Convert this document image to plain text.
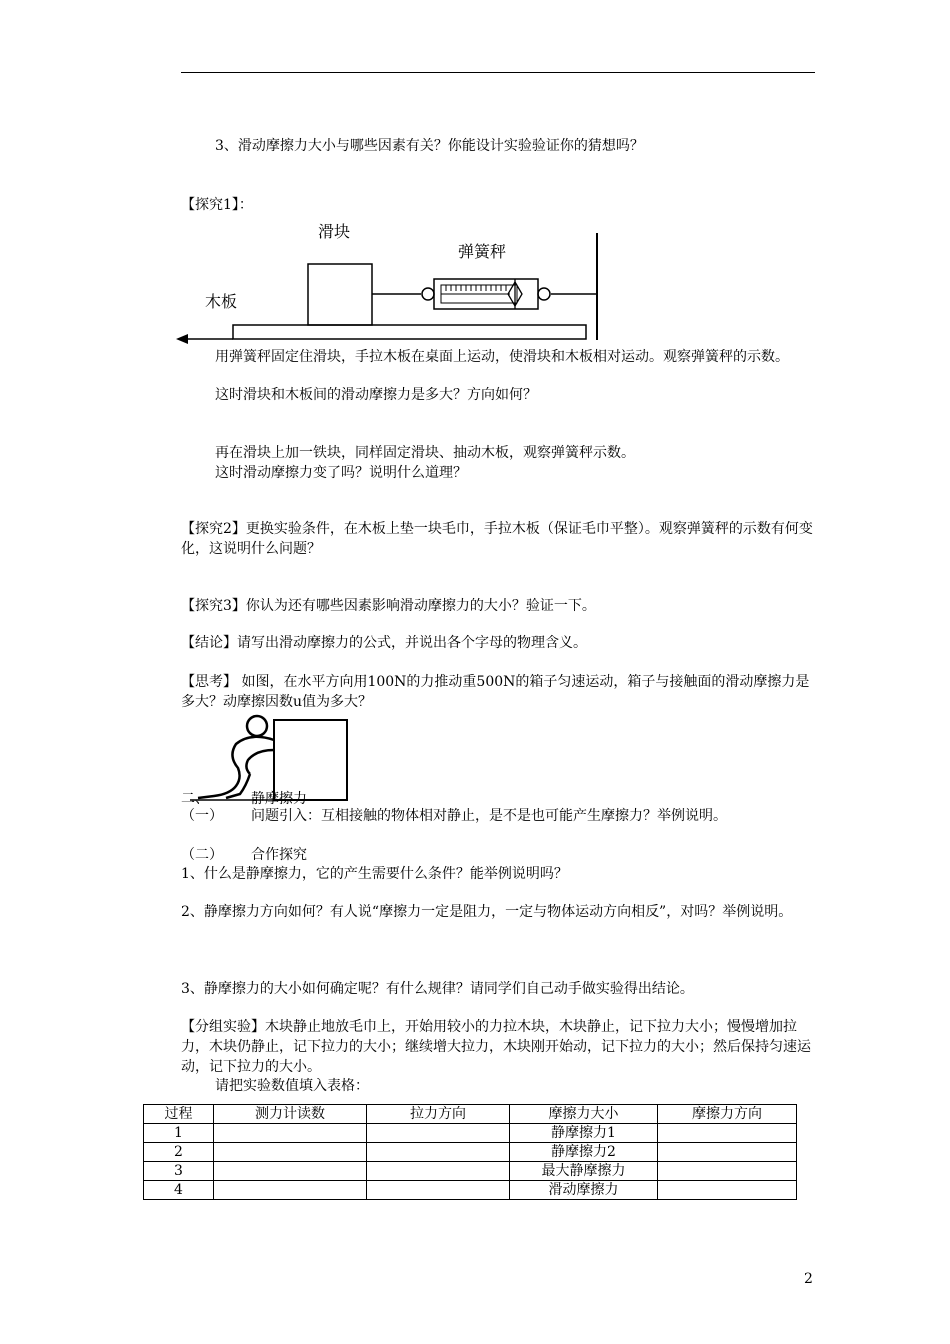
3、滑动摩擦力大小与哪些因素有关？你能设计实验验证你的猜想吗？
【探究1】：
滑块
弹簧秤
木板
用弹簧秤固定住滑块，手拉木板在桌面上运动，使滑块和木板相对运动。观察弹簧秤的示数。
这时滑块和木板间的滑动摩擦力是多大？方向如何？
再在滑块上加一铁块，同样固定滑块、抽动木板，观察弹簧秤示数。
这时滑动摩擦力变了吗？说明什么道理？
【探究2】更换实验条件，在木板上垫一块毛巾，手拉木板（保证毛巾平整）。观察弹簧秤的示数有何变化，这说明什么问题？
【探究3】你认为还有哪些因素影响滑动摩擦力的大小？验证一下。
【结论】请写出滑动摩擦力的公式，并说出各个字母的物理含义。
【思考】 如图，在水平方向用100N的力推动重500N的箱子匀速运动，箱子与接触面的滑动摩擦力是多大？动摩擦因数u值为多大？
二、	静摩擦力
（一） 问题引入：互相接触的物体相对静止，是不是也可能产生摩擦力？举例说明。
（二） 合作探究
1、什么是静摩擦力，它的产生需要什么条件？能举例说明吗？
2、静摩擦力方向如何？有人说“摩擦力一定是阻力，一定与物体运动方向相反”，对吗？举例说明。
3、静摩擦力的大小如何确定呢？有什么规律？请同学们自己动手做实验得出结论。
【分组实验】木块静止地放毛巾上，开始用较小的力拉木块，木块静止，记下拉力大小；慢慢增加拉力，木块仍静止，记下拉力的大小；继续增大拉力，木块刚开始动，记下拉力的大小；然后保持匀速运动，记下拉力的大小。
请把实验数值填入表格：
过程	测力计读数	拉力方向	摩擦力大小	摩擦力方向
1			静摩擦力1	
2			静摩擦力2	
3			最大静摩擦力	
4			滑动摩擦力	
2
